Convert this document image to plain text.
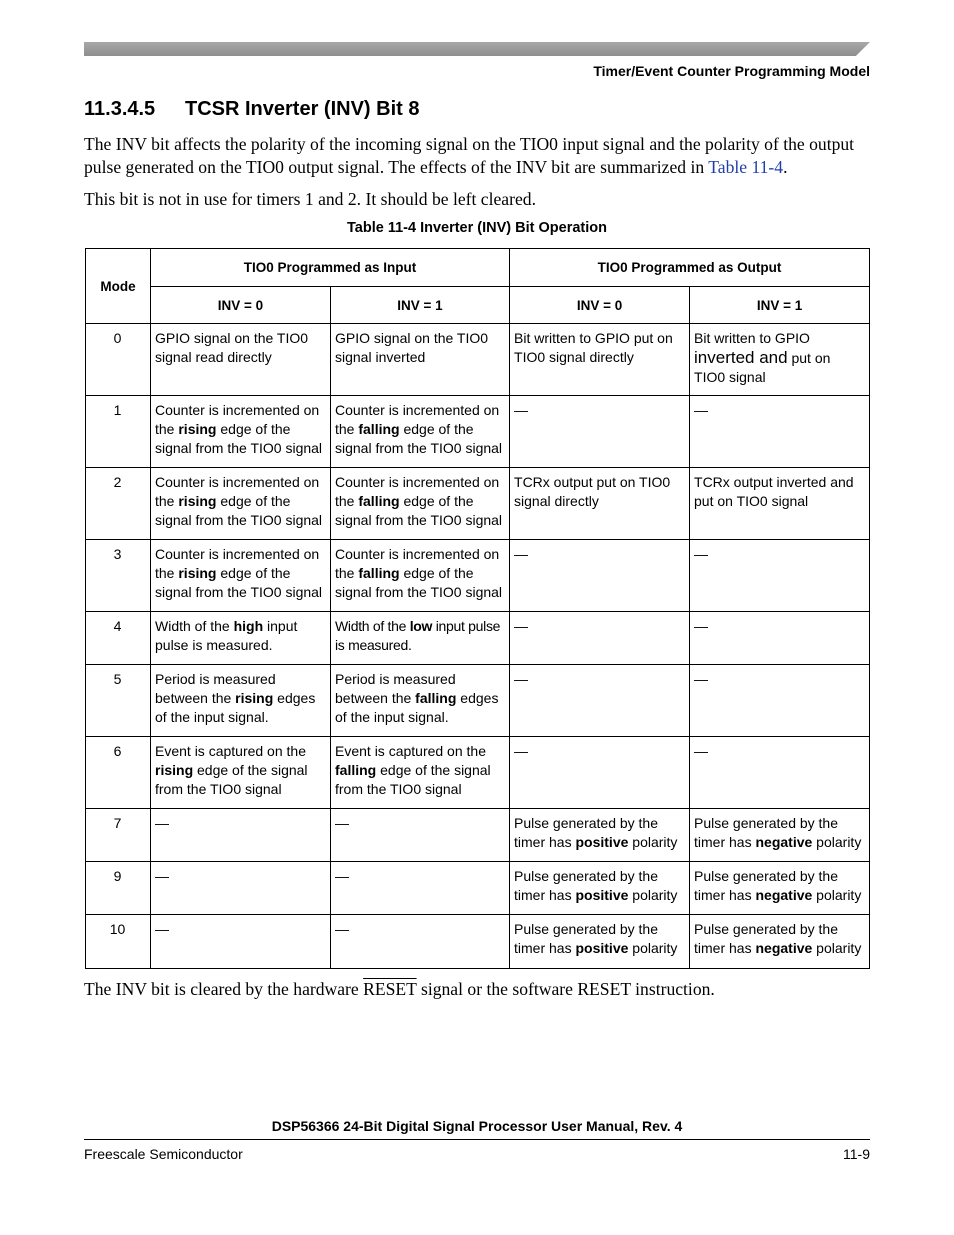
Timer/Event Counter Programming Model
11.3.4.5 TCSR Inverter (INV) Bit 8
The INV bit affects the polarity of the incoming signal on the TIO0 input signal and the polarity of the output pulse generated on the TIO0 output signal. The effects of the INV bit are summarized in Table 11-4.
This bit is not in use for timers 1 and 2. It should be left cleared.
Table 11-4 Inverter (INV) Bit Operation
Mode	TIO0 Programmed as Input		TIO0 Programmed as Output	
	INV = 0	INV = 1	INV = 0	INV = 1
0	GPIO signal on the TIO0 signal read directly	GPIO signal on the TIO0 signal inverted	Bit written to GPIO put on TIO0 signal directly	Bit written to GPIO inverted and put on TIO0 signal
1	Counter is incremented on the rising edge of the signal from the TIO0 signal	Counter is incremented on the falling edge of the signal from the TIO0 signal	—	—
2	Counter is incremented on the rising edge of the signal from the TIO0 signal	Counter is incremented on the falling edge of the signal from the TIO0 signal	TCRx output put on TIO0 signal directly	TCRx output inverted and put on TIO0 signal
3	Counter is incremented on the rising edge of the signal from the TIO0 signal	Counter is incremented on the falling edge of the signal from the TIO0 signal	—	—
4	Width of the high input pulse is measured.	Width of the low input pulse is measured.	—	—
5	Period is measured between the rising edges of the input signal.	Period is measured between the falling edges of the input signal.	—	—
6	Event is captured on the rising edge of the signal from the TIO0 signal	Event is captured on the falling edge of the signal from the TIO0 signal	—	—
7	—	—	Pulse generated by the timer has positive polarity	Pulse generated by the timer has negative polarity
9	—	—	Pulse generated by the timer has positive polarity	Pulse generated by the timer has negative polarity
10	—	—	Pulse generated by the timer has positive polarity	Pulse generated by the timer has negative polarity
The INV bit is cleared by the hardware RESET signal or the software RESET instruction.
DSP56366 24-Bit Digital Signal Processor User Manual, Rev. 4
Freescale Semiconductor	11-9
